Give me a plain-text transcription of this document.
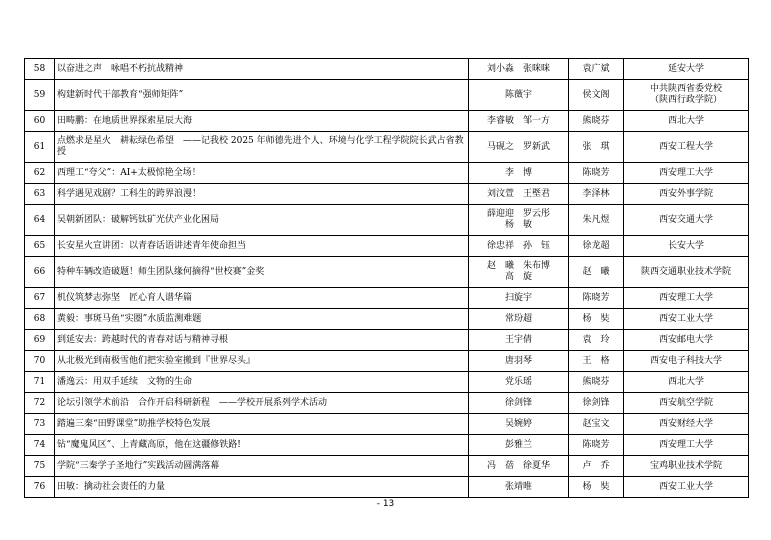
58	以奋进之声　咏唱不朽抗战精神	刘小淼　张咪咪	袁广斌	延安大学

59	构建新时代干部教育“强师矩阵”	陈薇宇	侯文阁	中共陕西省委党校
（陕西行政学院）

60	田畴鹏：在地质世界探索星辰大海	李睿敏　邹一方	熊晓芬	西北大学

61	点燃求是星火　耕耘绿色希望　——记我校 2025 年师德先进个人、环境与化学工程学院院长武占省教授	马砚之　罗新武	张　琪	西安工程大学

62	西理工“夸父”：AI+太极惊艳全场！	李　博	陈晓芳	西安理工大学

63	科学遇见戏剧？工科生的跨界浪漫！	刘汶萱　王塈君	李泽林	西安外事学院

64	吴朝新团队：破解钙钛矿光伏产业化困局	薛迎迎　罗云彤
杨　敏	朱凡煜	西安交通大学

65	长安星火宣讲团：以青春话语讲述青年使命担当	徐忠祥　孙　钰	徐龙超	长安大学

66	特种车辆改造破题！师生团队缘何摘得“世校赛”金奖	赵　曦　朱布博
高　旋	赵　曦	陕西交通职业技术学院

67	机仪筑梦志弥坚　匠心育人谱华篇	扫旋宇	陈晓芳	西安理工大学

68	黄毅：事斑马鱼“实圈”水质监测难题	常玢超	杨　奘	西安工业大学

69	到延安去：跨越时代的青春对话与精神寻根	王宇倩	袁　玲	西安邮电大学

70	从北极光到南极雪他们把实验室搬到『世界尽头』	唐羽琴	王　格	西安电子科技大学

71	潘逸云：用双手延续　文物的生命	党乐瑶	熊晓芬	西北大学

72	论坛引领学术前沿　合作开启科研新程　——学校开展系列学术活动	徐剑锋	徐剑锋	西安航空学院

73	踏遍三秦“田野课堂”助推学校特色发展	吴婉婷	赵宝文	西安财经大学

74	钻“魔鬼风区”、上青藏高原，他在这疆修铁路!	彭雅兰	陈晓芳	西安理工大学

75	学院“三秦学子圣地行”实践活动圆满落幕	冯　蓓　徐夏华	卢　乔	宝鸡职业技术学院

76	田敏：擒动社会责任的力量	张靖唯	杨　奘	西安工业大学
- 13
